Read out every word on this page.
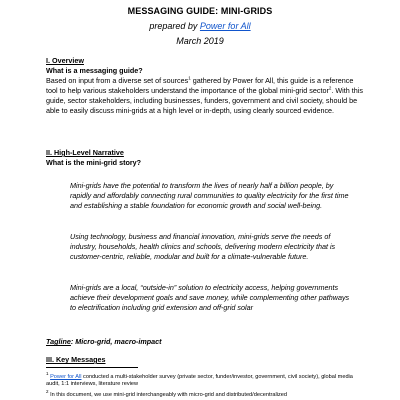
MESSAGING GUIDE: MINI-GRIDS
prepared by Power for All
March 2019
I. Overview
What is a messaging guide?
Based on input from a diverse set of sources$^1$ gathered by Power for All, this guide is a reference tool to help various stakeholders understand the importance of the global mini-grid sector$^2$. With this guide, sector stakeholders, including businesses, funders, government and civil society, should be able to easily discuss mini-grids at a high level or in-depth, using clearly sourced evidence.
II. High-Level Narrative
What is the mini-grid story?
Mini-grids have the potential to transform the lives of nearly half a billion people, by rapidly and affordably connecting rural communities to quality electricity for the first time and establishing a stable foundation for economic growth and social well-being.
Using technology, business and financial innovation, mini-grids serve the needs of industry, households, health clinics and schools, delivering modern electricity that is customer-centric, reliable, modular and built for a climate-vulnerable future.
Mini-grids are a local, “outside-in” solution to electricity access, helping governments achieve their development goals and save money, while complementing other pathways to electrification including grid extension and off-grid solar
Tagline: Micro-grid, macro-impact
III. Key Messages
$^1$ Power for All conducted a multi-stakeholder survey (private sector, funder/investor, government, civil society), global media audit, 1:1 interviews, literature review
$^2$ In this document, we use mini-grid interchangeably with micro-grid and distributed/decentralized
